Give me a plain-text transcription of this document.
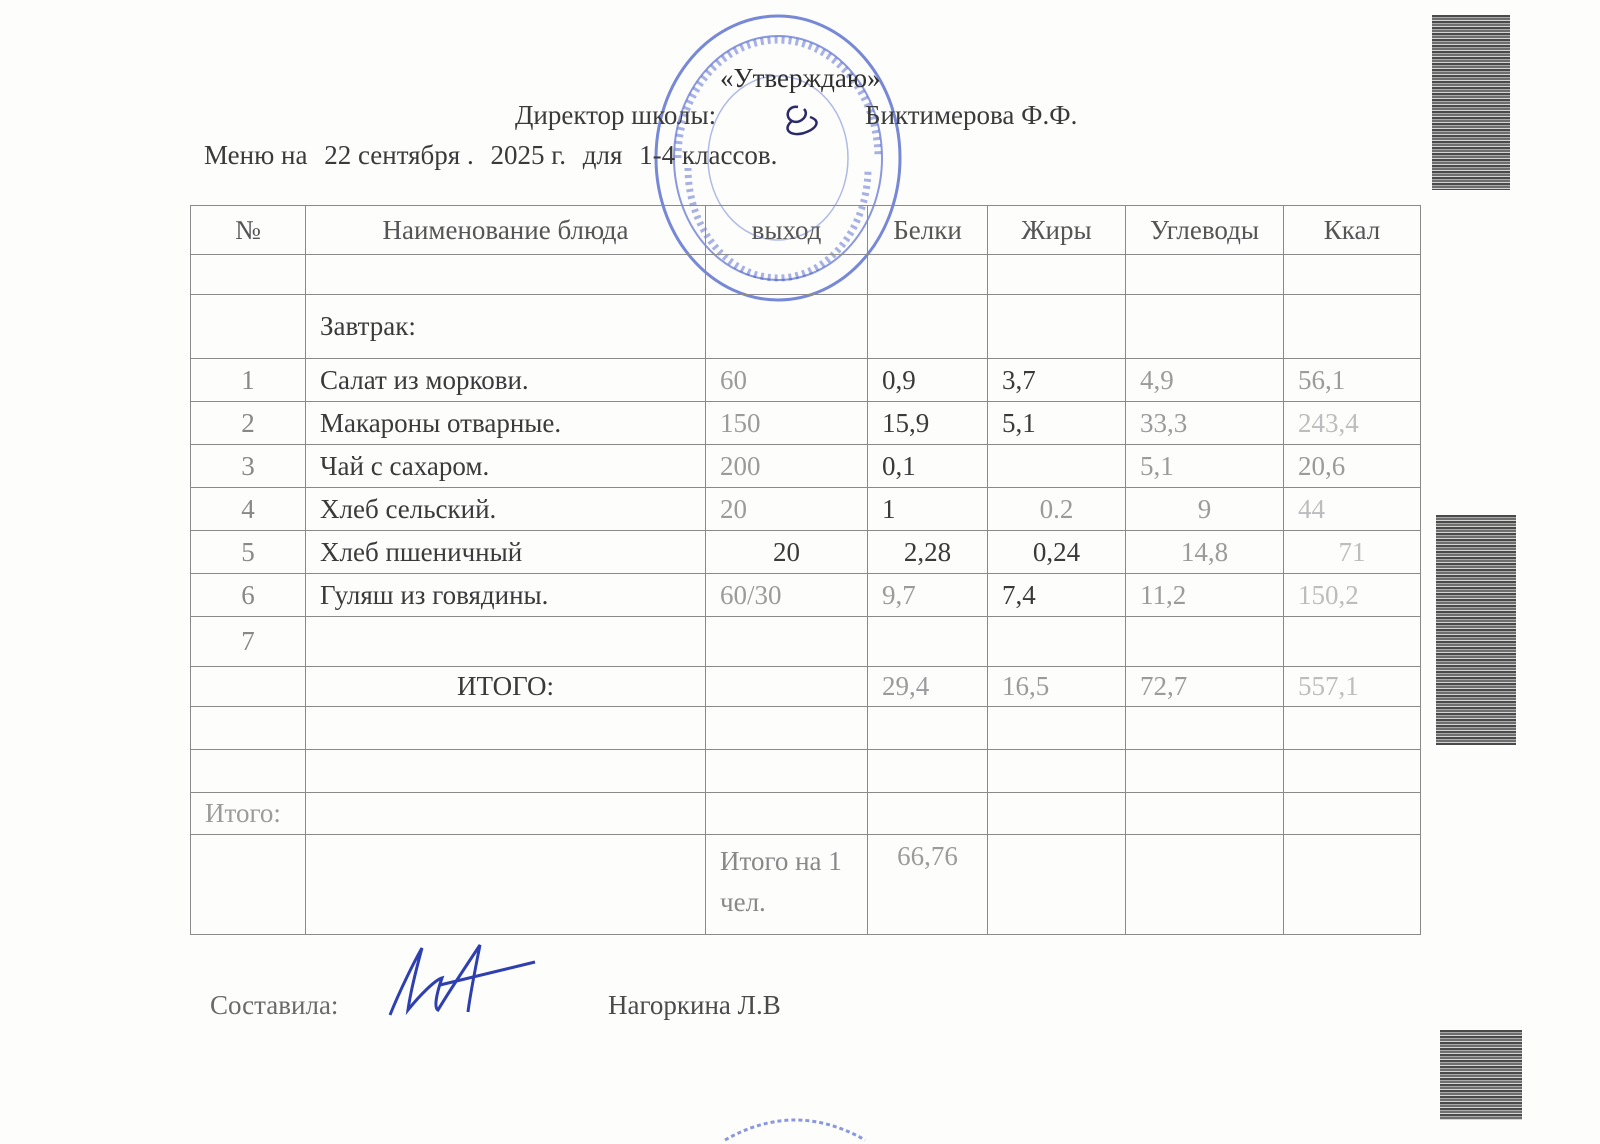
«Утверждаю»
Директор школы:	Биктимерова Ф.Ф.
Меню на 22 сентября . 2025 г. для 1-4 классов.
№	Наименование блюда	выход	Белки	Жиры	Углеводы	Ккал

	Завтрак:					
1	Салат из моркови.	60	0,9	3,7	4,9	56,1
2	Макароны отварные.	150	15,9	5,1	33,3	243,4
3	Чай с сахаром.	200	0,1		5,1	20,6
4	Хлеб сельский.	20	1	0.2	9	44
5	Хлеб пшеничный	20	2,28	0,24	14,8	71
6	Гуляш из говядины.	60/30	9,7	7,4	11,2	150,2
7						
	ИТОГО:		29,4	16,5	72,7	557,1

Итого:						
		Итого на 1 чел.	66,76			
Составила:	Нагоркина Л.В
